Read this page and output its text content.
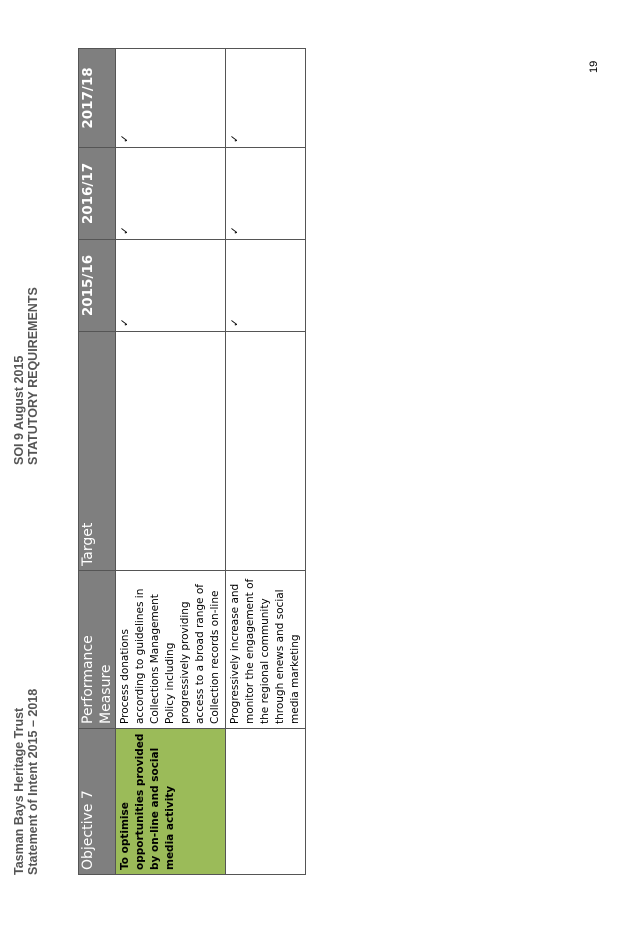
Tasman Bays Heritage Trust Statement of Intent 2015 – 2018
SOI 9 August 2015 STATUTORY REQUIREMENTS
Objective 7	Performance Measure	Target	2015/16	2016/17	2017/18
To optimise opportunities provided by on-line and social media activity	Process donations according to guidelines in Collections Management Policy including progressively providing access to a broad range of Collection records on-line		✓	✓	✓
	Progressively increase and monitor the engagement of the regional community through enews and social media marketing		✓	✓	✓
19
